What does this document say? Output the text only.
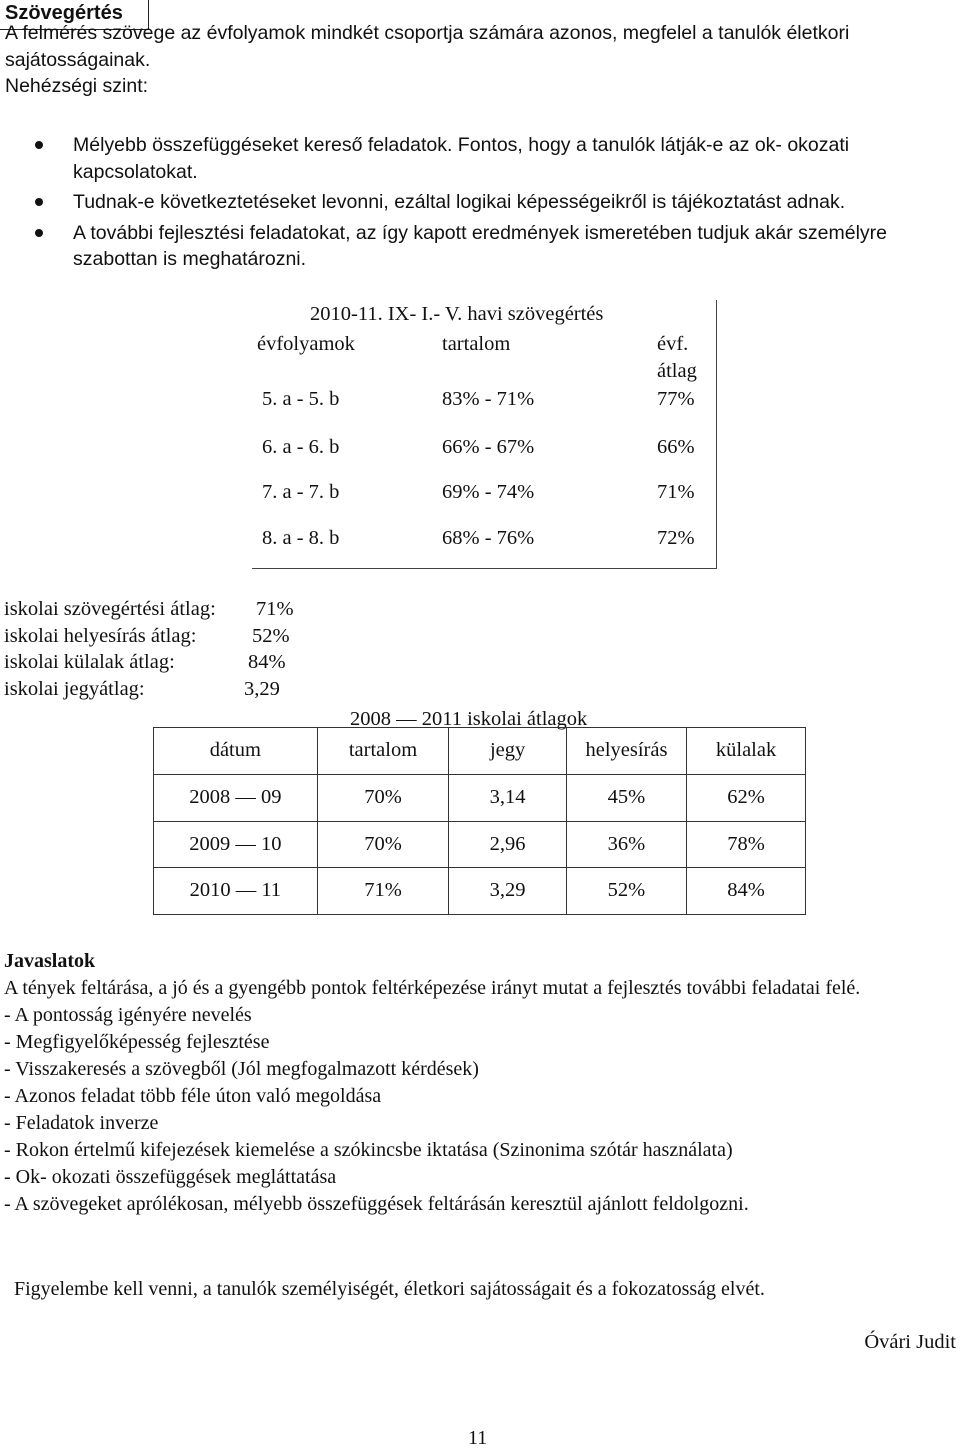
Szövegértés

A felmérés szövege az évfolyamok mindkét csoportja számára azonos, megfelel a tanulók életkori sajátosságainak.

Nehézségi szint:

Mélyebb összefüggéseket kereső feladatok. Fontos, hogy a tanulók látják-e az ok- okozati kapcsolatokat.
Tudnak-e következtetéseket levonni, ezáltal logikai képességeikről is tájékoztatást adnak.
A további fejlesztési feladatokat, az így kapott eredmények ismeretében tudjuk akár személyre szabottan is meghatározni.
2010-11. IX- I.- V. havi szövegértés
évfolyamok	tartalom	évf.
átlag
5. a - 5. b	83% - 71%	77%
6. a - 6. b	66% - 67%	66%
7. a - 7. b	69% - 74%	71%
8. a - 8. b	68% - 76%	72%
iskolai szövegértési átlag: 71%
iskolai helyesírás átlag:	52%
iskolai külalak átlag:	84%
iskolai jegyátlag:	3,29
2008 — 2011 iskolai átlagok
dátum	tartalom	jegy	helyesírás	külalak
2008 — 09	70%	3,14	45%	62%
2009 — 10	70%	2,96	36%	78%
2010 — 11	71%	3,29	52%	84%
Javaslatok

A tények feltárása, a jó és a gyengébb pontok feltérképezése irányt mutat a fejlesztés további feladatai felé.

- A pontosság igényére nevelés
- Megfigyelőképesség fejlesztése
- Visszakeresés a szövegből (Jól megfogalmazott kérdések)
- Azonos feladat több féle úton való megoldása
- Feladatok inverze
- Rokon értelmű kifejezések kiemelése a szókincsbe iktatása (Szinonima szótár használata)
- Ok- okozati összefüggések megláttatása
- A szövegeket aprólékosan, mélyebb összefüggések feltárásán keresztül ajánlott feldolgozni.
Figyelembe kell venni, a tanulók személyiségét, életkori sajátosságait és a fokozatosság elvét.
Óvári Judit
11
